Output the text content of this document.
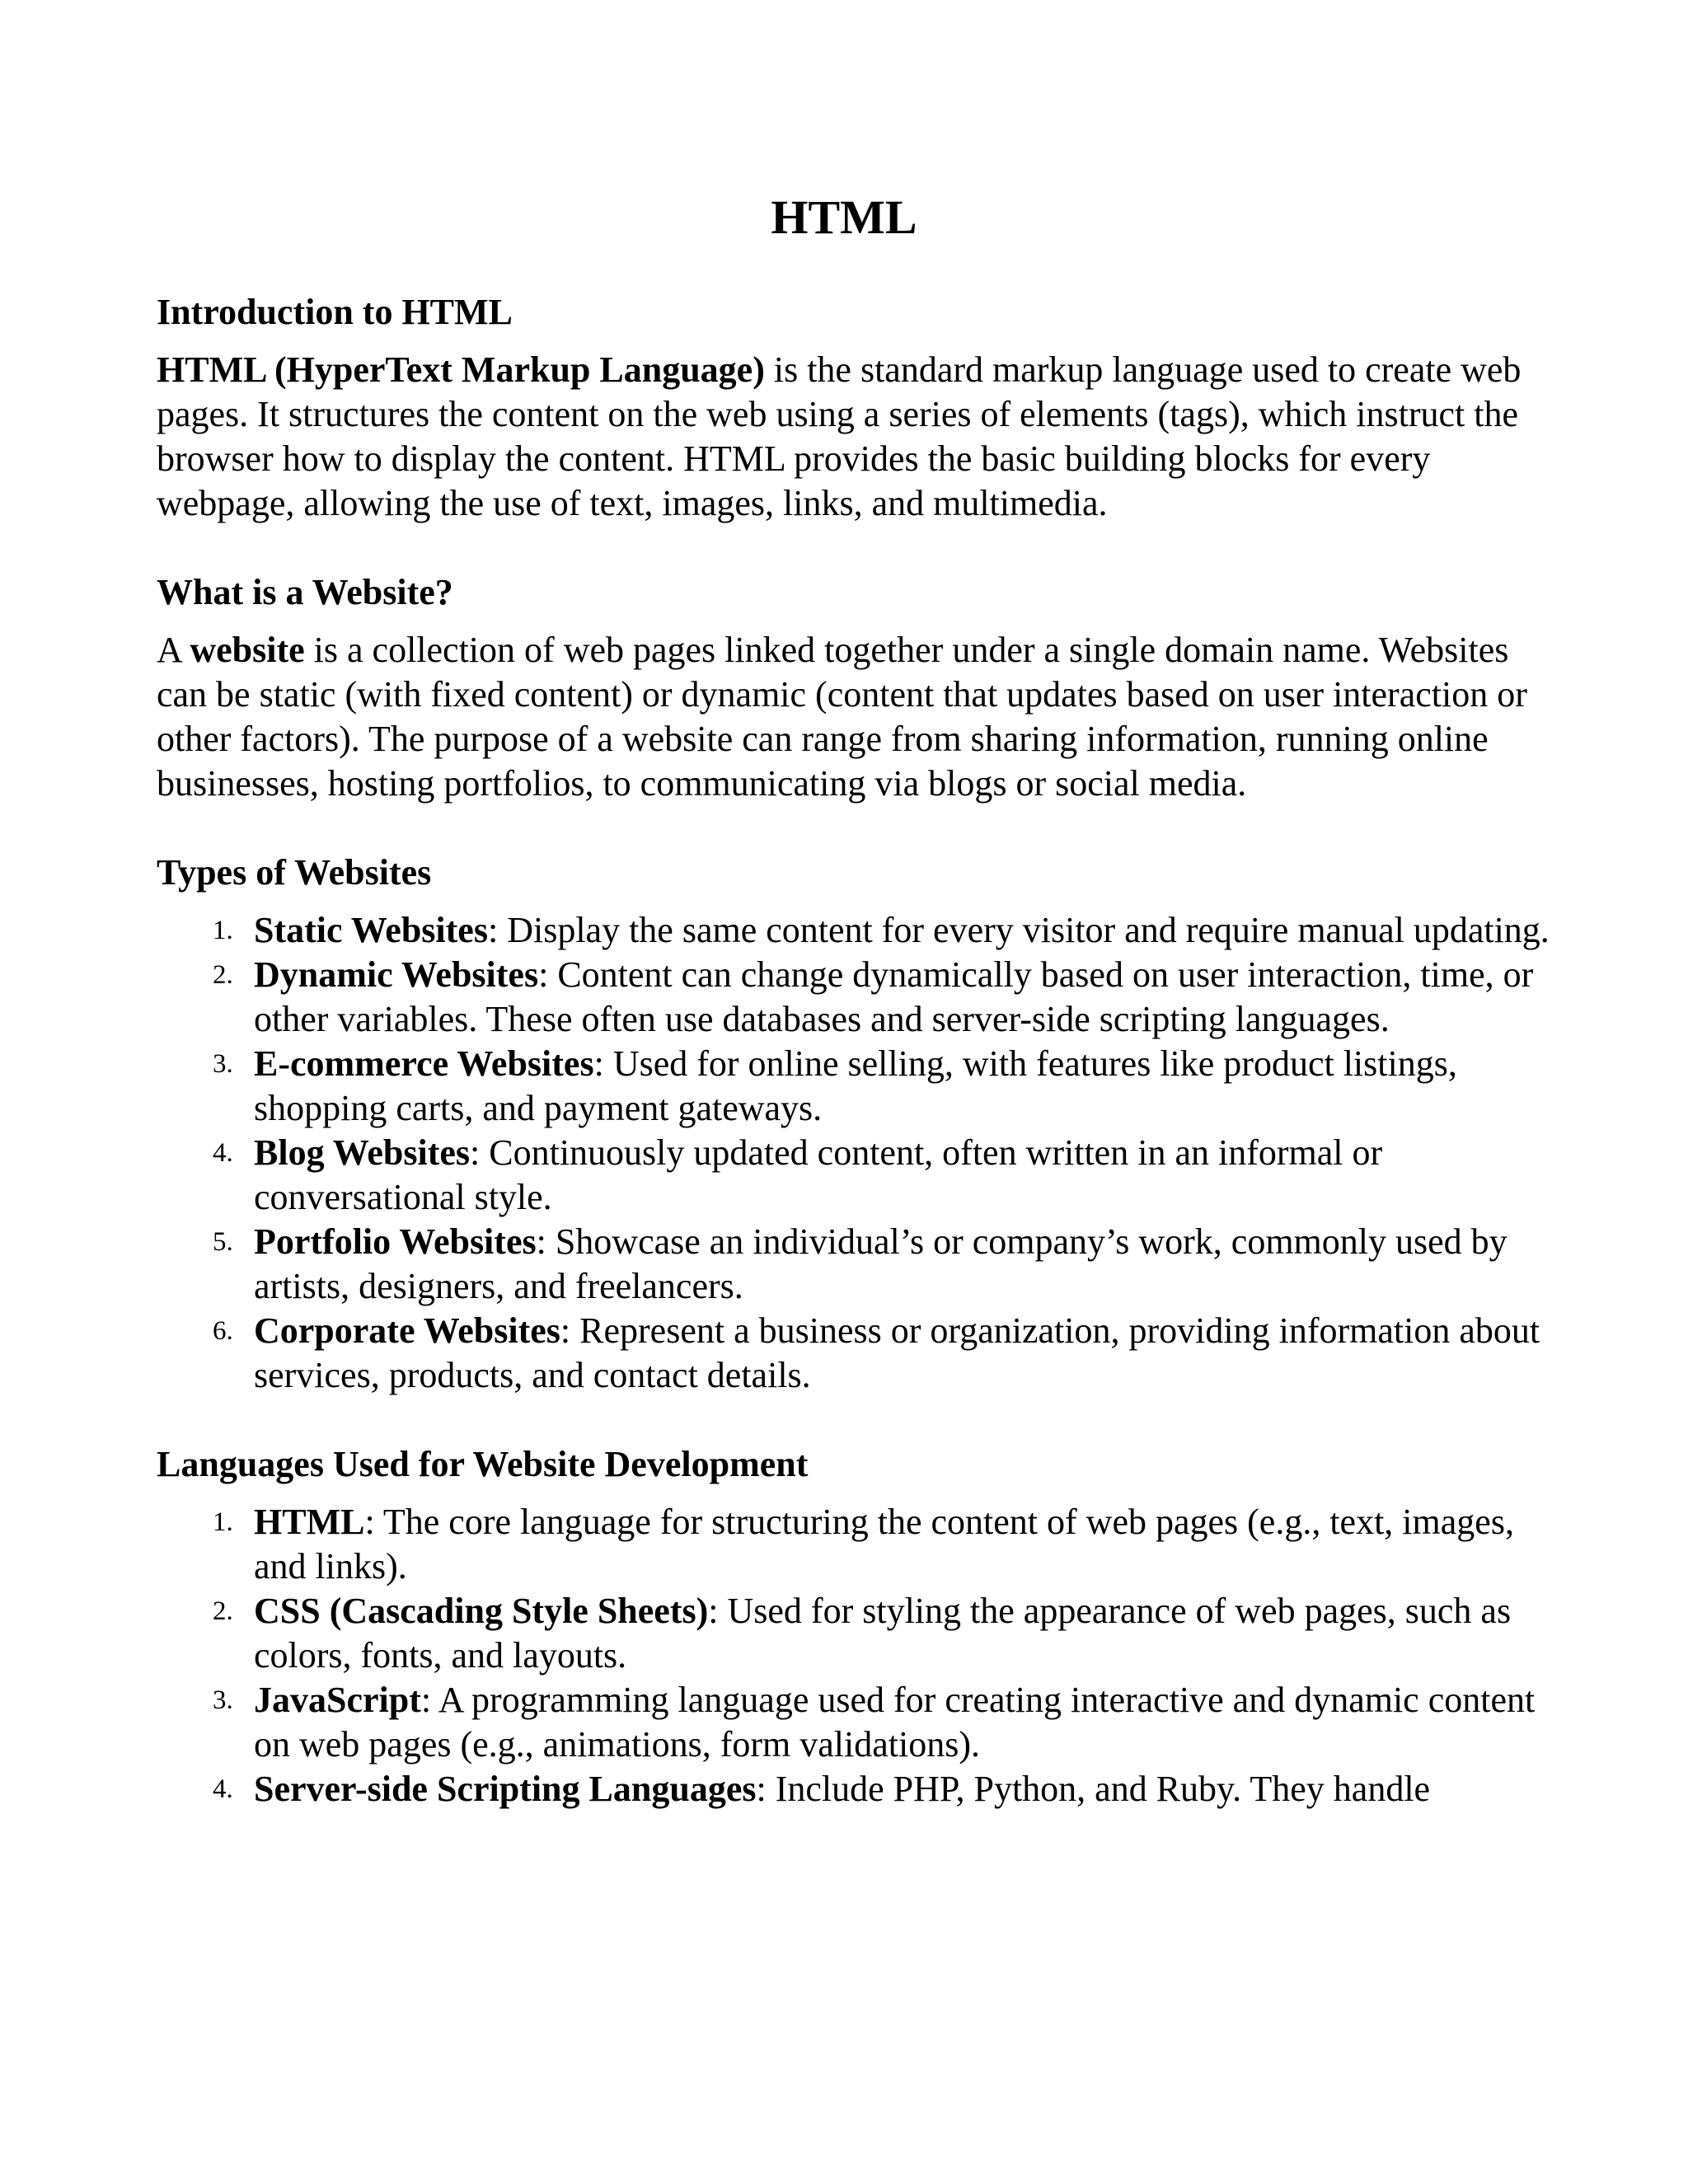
HTML
Introduction to HTML

HTML (HyperText Markup Language) is the standard markup language used to create web pages. It structures the content on the web using a series of elements (tags), which instruct the browser how to display the content. HTML provides the basic building blocks for every webpage, allowing the use of text, images, links, and multimedia.

What is a Website?

A website is a collection of web pages linked together under a single domain name. Websites can be static (with fixed content) or dynamic (content that updates based on user interaction or other factors). The purpose of a website can range from sharing information, running online businesses, hosting portfolios, to communicating via blogs or social media.

Types of Websites
1. Static Websites: Display the same content for every visitor and require manual updating.
2. Dynamic Websites: Content can change dynamically based on user interaction, time, or other variables. These often use databases and server-side scripting languages.
3. E-commerce Websites: Used for online selling, with features like product listings, shopping carts, and payment gateways.
4. Blog Websites: Continuously updated content, often written in an informal or conversational style.
5. Portfolio Websites: Showcase an individual’s or company’s work, commonly used by artists, designers, and freelancers.
6. Corporate Websites: Represent a business or organization, providing information about services, products, and contact details.
Languages Used for Website Development
1. HTML: The core language for structuring the content of web pages (e.g., text, images, and links).
2. CSS (Cascading Style Sheets): Used for styling the appearance of web pages, such as colors, fonts, and layouts.
3. JavaScript: A programming language used for creating interactive and dynamic content on web pages (e.g., animations, form validations).
4. Server-side Scripting Languages: Include PHP, Python, and Ruby. They handle
